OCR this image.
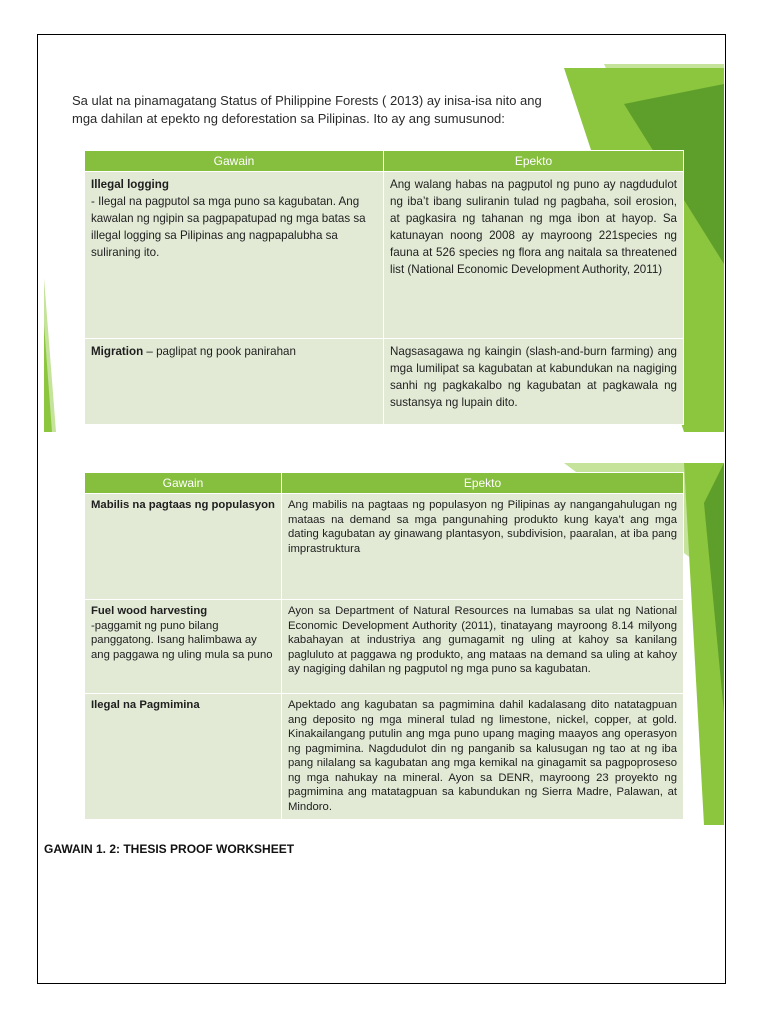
Sa ulat na pinamagatang Status of Philippine Forests ( 2013) ay inisa-isa nito ang mga dahilan at epekto ng deforestation sa Pilipinas. Ito ay ang sumusunod:
Gawain	Epekto
Illegal logging
- Ilegal na pagputol sa mga puno sa kagubatan. Ang kawalan ng ngipin sa pagpapatupad ng mga batas sa illegal logging sa Pilipinas ang nagpapalubha sa suliraning ito.	Ang walang habas na pagputol ng puno ay nagdudulot ng iba’t ibang suliranin tulad ng pagbaha, soil erosion, at pagkasira ng tahanan ng mga ibon at hayop. Sa katunayan noong 2008 ay mayroong 221species ng fauna at 526 species ng flora ang naitala sa threatened list (National Economic Development Authority, 2011)
Migration – paglipat ng pook panirahan	Nagsasagawa ng kaingin (slash-and-burn farming) ang mga lumilipat sa kagubatan at kabundukan na nagiging sanhi ng pagkakalbo ng kagubatan at pagkawala ng sustansya ng lupain dito.
Gawain	Epekto
Mabilis na pagtaas ng populasyon	Ang mabilis na pagtaas ng populasyon ng Pilipinas ay nangangahulugan ng mataas na demand sa mga pangunahing produkto kung kaya’t ang mga dating kagubatan ay ginawang plantasyon, subdivision, paaralan, at iba pang imprastruktura
Fuel wood harvesting
-paggamit ng puno bilang panggatong. Isang halimbawa ay ang paggawa ng uling mula sa puno	Ayon sa Department of Natural Resources na lumabas sa ulat ng National Economic Development Authority (2011), tinatayang mayroong 8.14 milyong kabahayan at industriya ang gumagamit ng uling at kahoy sa kanilang pagluluto at paggawa ng produkto, ang mataas na demand sa uling at kahoy ay nagiging dahilan ng pagputol ng mga puno sa kagubatan.
Ilegal na Pagmimina	Apektado ang kagubatan sa pagmimina dahil kadalasang dito natatagpuan ang deposito ng mga mineral tulad ng limestone, nickel, copper, at gold. Kinakailangang putulin ang mga puno upang maging maayos ang operasyon ng pagmimina. Nagdudulot din ng panganib sa kalusugan ng tao at ng iba pang nilalang sa kagubatan ang mga kemikal na ginagamit sa pagpoproseso ng mga nahukay na mineral. Ayon sa DENR, mayroong 23 proyekto ng pagmimina ang matatagpuan sa kabundukan ng Sierra Madre, Palawan, at Mindoro.
GAWAIN 1. 2: THESIS PROOF WORKSHEET
